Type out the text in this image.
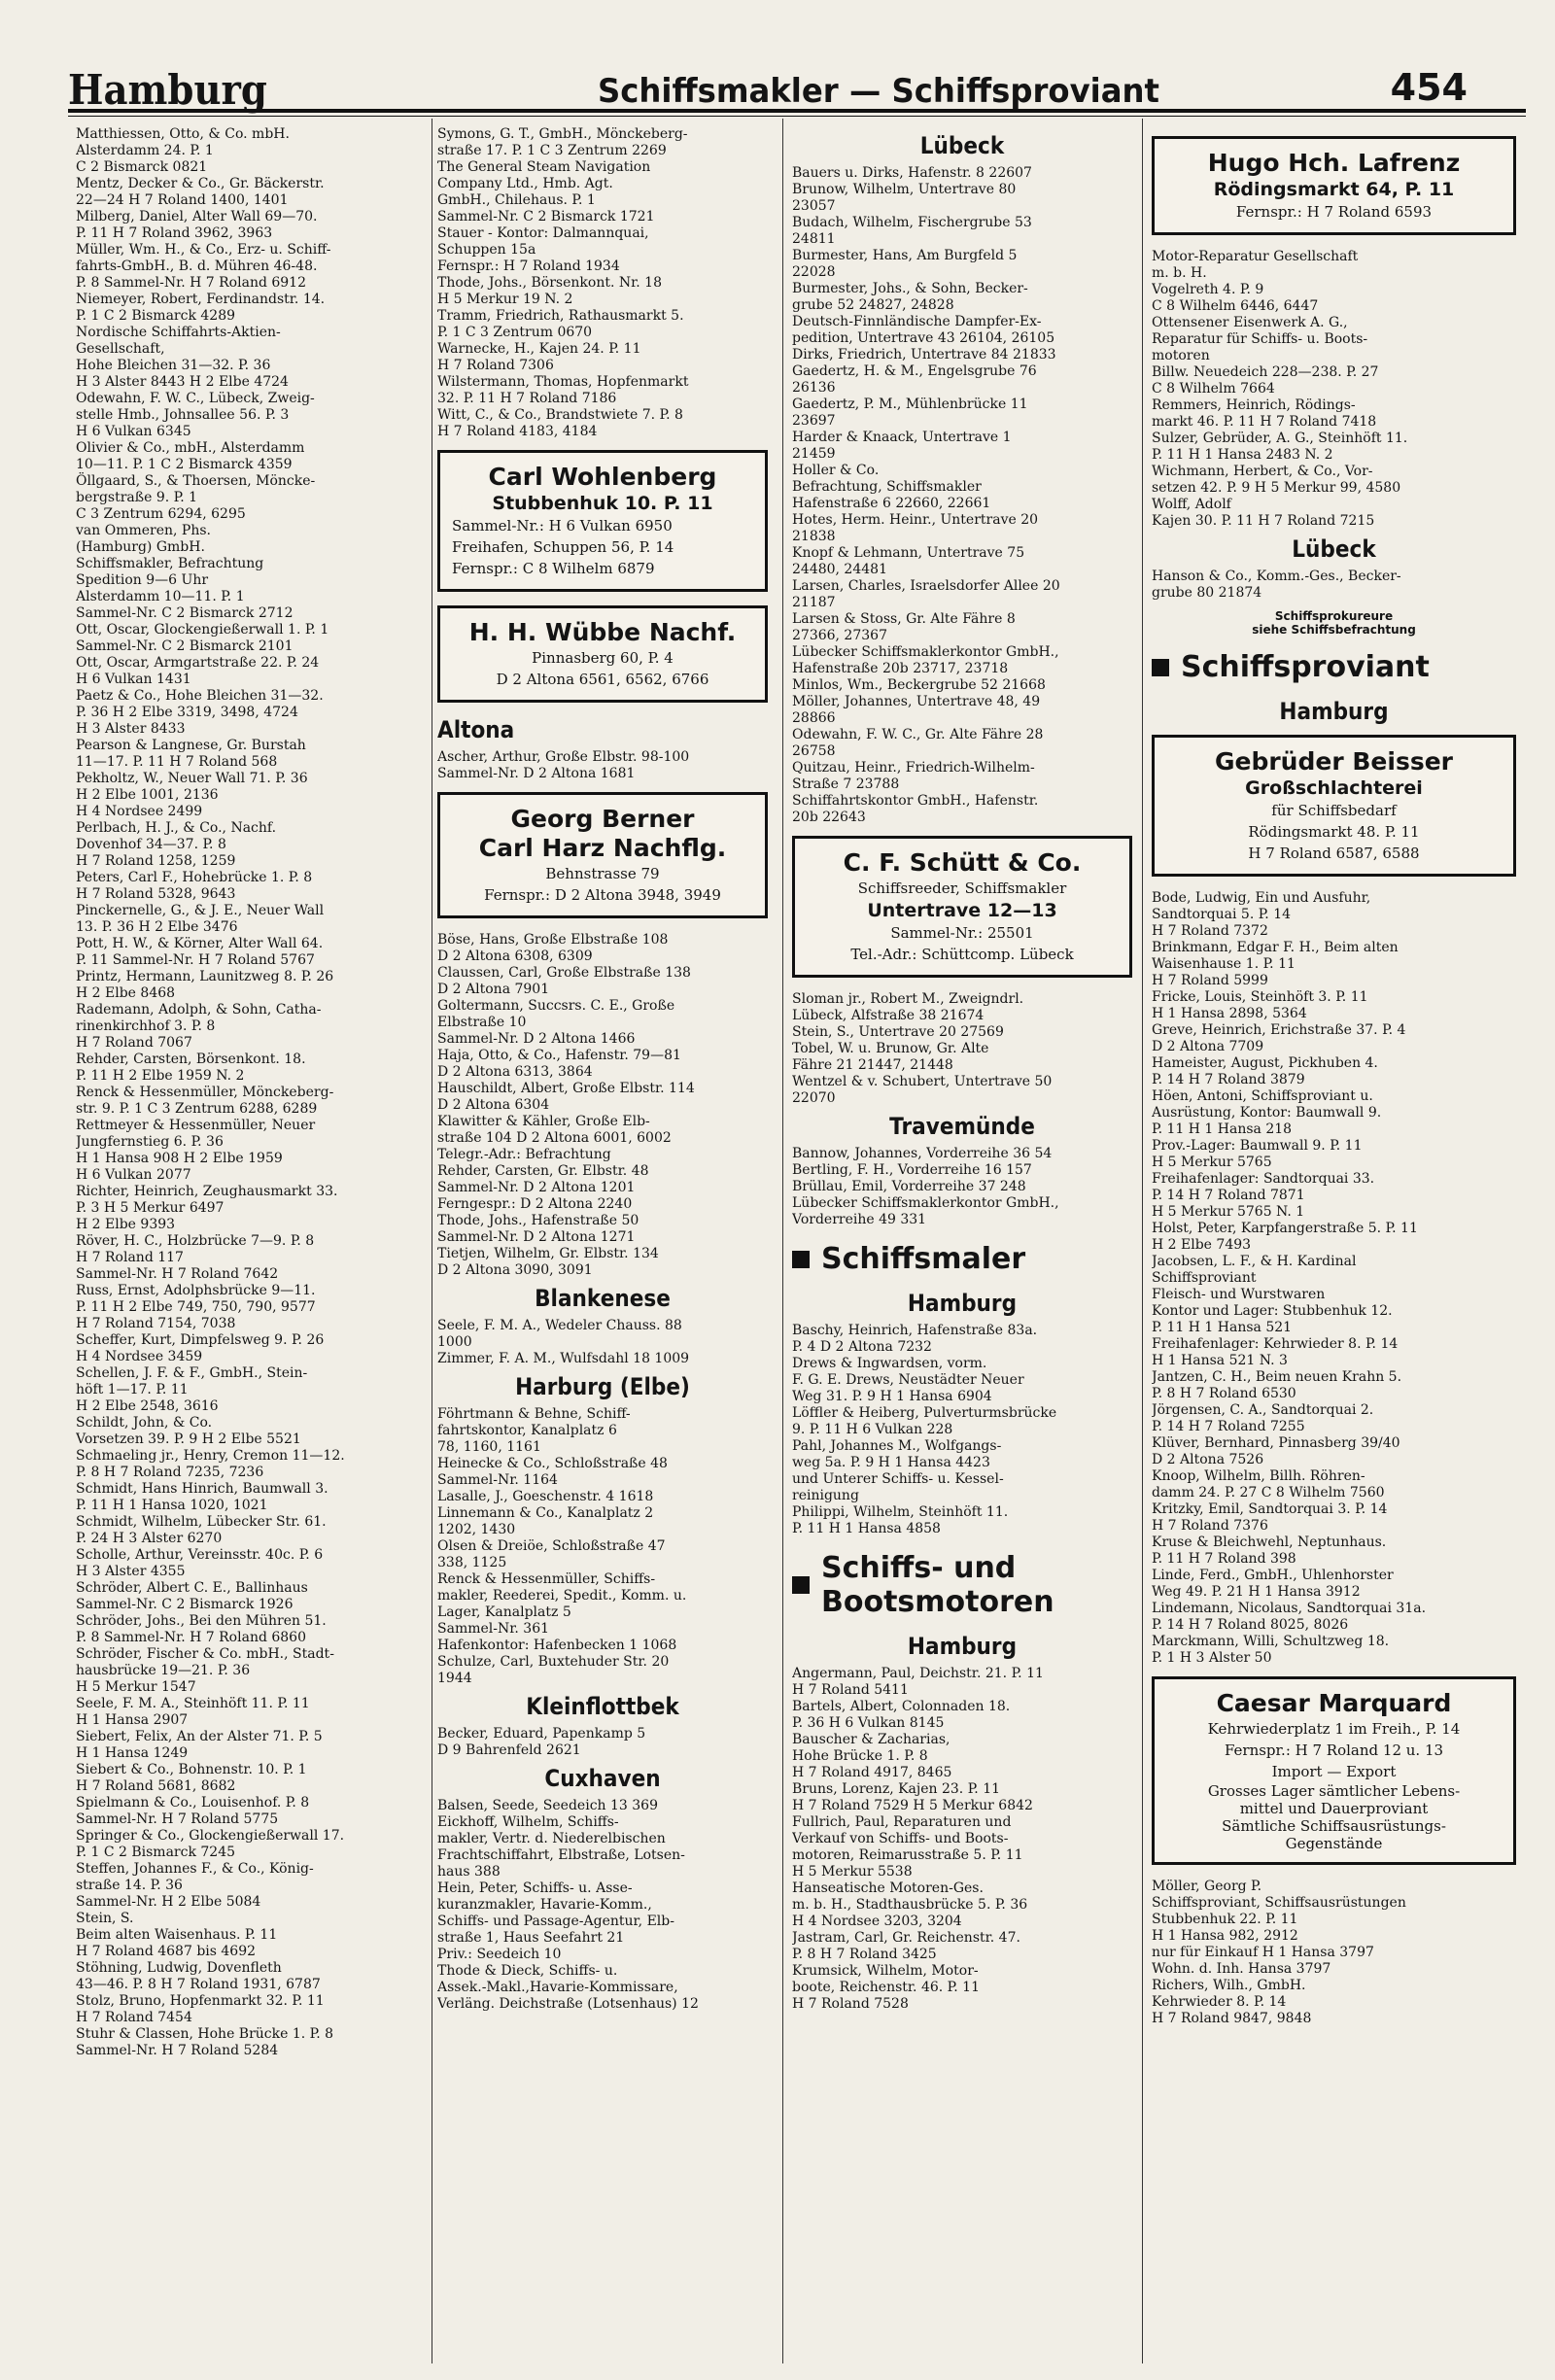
Hamburg	Schiffsmakler — Schiffsproviant	454
Matthiessen, Otto, & Co. mbH.
Alsterdamm 24. P. 1
C 2 Bismarck 0821
Mentz, Decker & Co., Gr. Bäckerstr.
22—24 H 7 Roland 1400, 1401
Milberg, Daniel, Alter Wall 69—70.
P. 11 H 7 Roland 3962, 3963
Müller, Wm. H., & Co., Erz- u. Schiff-
fahrts-GmbH., B. d. Mühren 46-48.
P. 8 Sammel-Nr. H 7 Roland 6912
Niemeyer, Robert, Ferdinandstr. 14.
P. 1 C 2 Bismarck 4289
Nordische Schiffahrts-Aktien-
Gesellschaft,
Hohe Bleichen 31—32. P. 36
H 3 Alster 8443 H 2 Elbe 4724
Odewahn, F. W. C., Lübeck, Zweig-
stelle Hmb., Johnsallee 56. P. 3
H 6 Vulkan 6345
Olivier & Co., mbH., Alsterdamm
10—11. P. 1 C 2 Bismarck 4359
Öllgaard, S., & Thoersen, Möncke-
bergstraße 9. P. 1
C 3 Zentrum 6294, 6295
van Ommeren, Phs.
(Hamburg) GmbH.
Schiffsmakler, Befrachtung
Spedition 9—6 Uhr
Alsterdamm 10—11. P. 1
Sammel-Nr. C 2 Bismarck 2712
Ott, Oscar, Glockengießerwall 1. P. 1
Sammel-Nr. C 2 Bismarck 2101
Ott, Oscar, Armgartstraße 22. P. 24
H 6 Vulkan 1431
Paetz & Co., Hohe Bleichen 31—32.
P. 36 H 2 Elbe 3319, 3498, 4724
H 3 Alster 8433
Pearson & Langnese, Gr. Burstah
11—17. P. 11 H 7 Roland 568
Pekholtz, W., Neuer Wall 71. P. 36
H 2 Elbe 1001, 2136
H 4 Nordsee 2499
Perlbach, H. J., & Co., Nachf.
Dovenhof 34—37. P. 8
H 7 Roland 1258, 1259
Peters, Carl F., Hohebrücke 1. P. 8
H 7 Roland 5328, 9643
Pinckernelle, G., & J. E., Neuer Wall
13. P. 36 H 2 Elbe 3476
Pott, H. W., & Körner, Alter Wall 64.
P. 11 Sammel-Nr. H 7 Roland 5767
Printz, Hermann, Launitzweg 8. P. 26
H 2 Elbe 8468
Rademann, Adolph, & Sohn, Catha-
rinenkirchhof 3. P. 8
H 7 Roland 7067
Rehder, Carsten, Börsenkont. 18.
P. 11 H 2 Elbe 1959 N. 2
Renck & Hessenmüller, Mönckeberg-
str. 9. P. 1 C 3 Zentrum 6288, 6289
Rettmeyer & Hessenmüller, Neuer
Jungfernstieg 6. P. 36
H 1 Hansa 908 H 2 Elbe 1959
H 6 Vulkan 2077
Richter, Heinrich, Zeughausmarkt 33.
P. 3 H 5 Merkur 6497
H 2 Elbe 9393
Röver, H. C., Holzbrücke 7—9. P. 8
H 7 Roland 117
Sammel-Nr. H 7 Roland 7642
Russ, Ernst, Adolphsbrücke 9—11.
P. 11 H 2 Elbe 749, 750, 790, 9577
H 7 Roland 7154, 7038
Scheffer, Kurt, Dimpfelsweg 9. P. 26
H 4 Nordsee 3459
Schellen, J. F. & F., GmbH., Stein-
höft 1—17. P. 11
H 2 Elbe 2548, 3616
Schildt, John, & Co.
Vorsetzen 39. P. 9 H 2 Elbe 5521
Schmaeling jr., Henry, Cremon 11—12.
P. 8 H 7 Roland 7235, 7236
Schmidt, Hans Hinrich, Baumwall 3.
P. 11 H 1 Hansa 1020, 1021
Schmidt, Wilhelm, Lübecker Str. 61.
P. 24 H 3 Alster 6270
Scholle, Arthur, Vereinsstr. 40c. P. 6
H 3 Alster 4355
Schröder, Albert C. E., Ballinhaus
Sammel-Nr. C 2 Bismarck 1926
Schröder, Johs., Bei den Mühren 51.
P. 8 Sammel-Nr. H 7 Roland 6860
Schröder, Fischer & Co. mbH., Stadt-
hausbrücke 19—21. P. 36
H 5 Merkur 1547
Seele, F. M. A., Steinhöft 11. P. 11
H 1 Hansa 2907
Siebert, Felix, An der Alster 71. P. 5
H 1 Hansa 1249
Siebert & Co., Bohnenstr. 10. P. 1
H 7 Roland 5681, 8682
Spielmann & Co., Louisenhof. P. 8
Sammel-Nr. H 7 Roland 5775
Springer & Co., Glockengießerwall 17.
P. 1 C 2 Bismarck 7245
Steffen, Johannes F., & Co., König-
straße 14. P. 36
Sammel-Nr. H 2 Elbe 5084
Stein, S.
Beim alten Waisenhaus. P. 11
H 7 Roland 4687 bis 4692
Stöhning, Ludwig, Dovenfleth
43—46. P. 8 H 7 Roland 1931, 6787
Stolz, Bruno, Hopfenmarkt 32. P. 11
H 7 Roland 7454
Stuhr & Classen, Hohe Brücke 1. P. 8
Sammel-Nr. H 7 Roland 5284
Symons, G. T., GmbH., Mönckeberg-
straße 17. P. 1 C 3 Zentrum 2269
The General Steam Navigation
Company Ltd., Hmb. Agt.
GmbH., Chilehaus. P. 1
Sammel-Nr. C 2 Bismarck 1721
Stauer - Kontor: Dalmannquai,
Schuppen 15a
Fernspr.: H 7 Roland 1934
Thode, Johs., Börsenkont. Nr. 18
H 5 Merkur 19 N. 2
Tramm, Friedrich, Rathausmarkt 5.
P. 1 C 3 Zentrum 0670
Warnecke, H., Kajen 24. P. 11
H 7 Roland 7306
Wilstermann, Thomas, Hopfenmarkt
32. P. 11 H 7 Roland 7186
Witt, C., & Co., Brandstwiete 7. P. 8
H 7 Roland 4183, 4184
Carl Wohlenberg
Stubbenhuk 10. P. 11
Sammel-Nr.: H 6 Vulkan 6950
Freihafen, Schuppen 56, P. 14
Fernspr.: C 8 Wilhelm 6879
H. H. Wübbe Nachf.
Pinnasberg 60, P. 4
D 2 Altona 6561, 6562, 6766
Altona
Ascher, Arthur, Große Elbstr. 98-100
Sammel-Nr. D 2 Altona 1681
Georg Berner
Carl Harz Nachflg.
Behnstrasse 79
Fernspr.: D 2 Altona 3948, 3949
Böse, Hans, Große Elbstraße 108
D 2 Altona 6308, 6309
Claussen, Carl, Große Elbstraße 138
D 2 Altona 7901
Goltermann, Succsrs. C. E., Große
Elbstraße 10
Sammel-Nr. D 2 Altona 1466
Haja, Otto, & Co., Hafenstr. 79—81
D 2 Altona 6313, 3864
Hauschildt, Albert, Große Elbstr. 114
D 2 Altona 6304
Klawitter & Kähler, Große Elb-
straße 104 D 2 Altona 6001, 6002
Telegr.-Adr.: Befrachtung
Rehder, Carsten, Gr. Elbstr. 48
Sammel-Nr. D 2 Altona 1201
Ferngespr.: D 2 Altona 2240
Thode, Johs., Hafenstraße 50
Sammel-Nr. D 2 Altona 1271
Tietjen, Wilhelm, Gr. Elbstr. 134
D 2 Altona 3090, 3091
Blankenese
Seele, F. M. A., Wedeler Chauss. 88
1000
Zimmer, F. A. M., Wulfsdahl 18 1009
Harburg (Elbe)
Föhrtmann & Behne, Schiff-
fahrtskontor, Kanalplatz 6
78, 1160, 1161
Heinecke & Co., Schloßstraße 48
Sammel-Nr. 1164
Lasalle, J., Goeschenstr. 4 1618
Linnemann & Co., Kanalplatz 2
1202, 1430
Olsen & Dreiöe, Schloßstraße 47
338, 1125
Renck & Hessenmüller, Schiffs-
makler, Reederei, Spedit., Komm. u.
Lager, Kanalplatz 5
Sammel-Nr. 361
Hafenkontor: Hafenbecken 1 1068
Schulze, Carl, Buxtehuder Str. 20
1944
Kleinflottbek
Becker, Eduard, Papenkamp 5
D 9 Bahrenfeld 2621
Cuxhaven
Balsen, Seede, Seedeich 13 369
Eickhoff, Wilhelm, Schiffs-
makler, Vertr. d. Niederelbischen
Frachtschiffahrt, Elbstraße, Lotsen-
haus 388
Hein, Peter, Schiffs- u. Asse-
kuranzmakler, Havarie-Komm.,
Schiffs- und Passage-Agentur, Elb-
straße 1, Haus Seefahrt 21
Priv.: Seedeich 10
Thode & Dieck, Schiffs- u.
Assek.-Makl.,Havarie-Kommissare,
Verläng. Deichstraße (Lotsenhaus) 12
Lübeck
Bauers u. Dirks, Hafenstr. 8 22607
Brunow, Wilhelm, Untertrave 80
23057
Budach, Wilhelm, Fischergrube 53
24811
Burmester, Hans, Am Burgfeld 5
22028
Burmester, Johs., & Sohn, Becker-
grube 52 24827, 24828
Deutsch-Finnländische Dampfer-Ex-
pedition, Untertrave 43 26104, 26105
Dirks, Friedrich, Untertrave 84 21833
Gaedertz, H. & M., Engelsgrube 76
26136
Gaedertz, P. M., Mühlenbrücke 11
23697
Harder & Knaack, Untertrave 1
21459
Holler & Co.
Befrachtung, Schiffsmakler
Hafenstraße 6 22660, 22661
Hotes, Herm. Heinr., Untertrave 20
21838
Knopf & Lehmann, Untertrave 75
24480, 24481
Larsen, Charles, Israelsdorfer Allee 20
21187
Larsen & Stoss, Gr. Alte Fähre 8
27366, 27367
Lübecker Schiffsmaklerkontor GmbH.,
Hafenstraße 20b 23717, 23718
Minlos, Wm., Beckergrube 52 21668
Möller, Johannes, Untertrave 48, 49
28866
Odewahn, F. W. C., Gr. Alte Fähre 28
26758
Quitzau, Heinr., Friedrich-Wilhelm-
Straße 7 23788
Schiffahrtskontor GmbH., Hafenstr.
20b 22643
C. F. Schütt & Co.
Schiffsreeder, Schiffsmakler
Untertrave 12—13
Sammel-Nr.: 25501
Tel.-Adr.: Schüttcomp. Lübeck
Sloman jr., Robert M., Zweigndrl.
Lübeck, Alfstraße 38 21674
Stein, S., Untertrave 20 27569
Tobel, W. u. Brunow, Gr. Alte
Fähre 21 21447, 21448
Wentzel & v. Schubert, Untertrave 50
22070
Travemünde
Bannow, Johannes, Vorderreihe 36 54
Bertling, F. H., Vorderreihe 16 157
Brüllau, Emil, Vorderreihe 37 248
Lübecker Schiffsmaklerkontor GmbH.,
Vorderreihe 49 331
Schiffsmaler
Hamburg
Baschy, Heinrich, Hafenstraße 83a.
P. 4 D 2 Altona 7232
Drews & Ingwardsen, vorm.
F. G. E. Drews, Neustädter Neuer
Weg 31. P. 9 H 1 Hansa 6904
Löffler & Heiberg, Pulverturmsbrücke
9. P. 11 H 6 Vulkan 228
Pahl, Johannes M., Wolfgangs-
weg 5a. P. 9 H 1 Hansa 4423
und Unterer Schiffs- u. Kessel-
reinigung
Philippi, Wilhelm, Steinhöft 11.
P. 11 H 1 Hansa 4858
Schiffs- und Bootsmotoren
Hamburg
Angermann, Paul, Deichstr. 21. P. 11
H 7 Roland 5411
Bartels, Albert, Colonnaden 18.
P. 36 H 6 Vulkan 8145
Bauscher & Zacharias,
Hohe Brücke 1. P. 8
H 7 Roland 4917, 8465
Bruns, Lorenz, Kajen 23. P. 11
H 7 Roland 7529 H 5 Merkur 6842
Fullrich, Paul, Reparaturen und
Verkauf von Schiffs- und Boots-
motoren, Reimarusstraße 5. P. 11
H 5 Merkur 5538
Hanseatische Motoren-Ges.
m. b. H., Stadthausbrücke 5. P. 36
H 4 Nordsee 3203, 3204
Jastram, Carl, Gr. Reichenstr. 47.
P. 8 H 7 Roland 3425
Krumsick, Wilhelm, Motor-
boote, Reichenstr. 46. P. 11
H 7 Roland 7528
Hugo Hch. Lafrenz
Rödingsmarkt 64, P. 11
Fernspr.: H 7 Roland 6593
Motor-Reparatur Gesellschaft
m. b. H.
Vogelreth 4. P. 9
C 8 Wilhelm 6446, 6447
Ottensener Eisenwerk A. G.,
Reparatur für Schiffs- u. Boots-
motoren
Billw. Neuedeich 228—238. P. 27
C 8 Wilhelm 7664
Remmers, Heinrich, Rödings-
markt 46. P. 11 H 7 Roland 7418
Sulzer, Gebrüder, A. G., Steinhöft 11.
P. 11 H 1 Hansa 2483 N. 2
Wichmann, Herbert, & Co., Vor-
setzen 42. P. 9 H 5 Merkur 99, 4580
Wolff, Adolf
Kajen 30. P. 11 H 7 Roland 7215
Lübeck
Hanson & Co., Komm.-Ges., Becker-
grube 80 21874
Schiffsprokureure
siehe Schiffsbefrachtung
Schiffsproviant
Hamburg
Gebrüder Beisser
Großschlachterei
für Schiffsbedarf
Rödingsmarkt 48. P. 11
H 7 Roland 6587, 6588
Bode, Ludwig, Ein und Ausfuhr,
Sandtorquai 5. P. 14
H 7 Roland 7372
Brinkmann, Edgar F. H., Beim alten
Waisenhause 1. P. 11
H 7 Roland 5999
Fricke, Louis, Steinhöft 3. P. 11
H 1 Hansa 2898, 5364
Greve, Heinrich, Erichstraße 37. P. 4
D 2 Altona 7709
Hameister, August, Pickhuben 4.
P. 14 H 7 Roland 3879
Höen, Antoni, Schiffsproviant u.
Ausrüstung, Kontor: Baumwall 9.
P. 11 H 1 Hansa 218
Prov.-Lager: Baumwall 9. P. 11
H 5 Merkur 5765
Freihafenlager: Sandtorquai 33.
P. 14 H 7 Roland 7871
H 5 Merkur 5765 N. 1
Holst, Peter, Karpfangerstraße 5. P. 11
H 2 Elbe 7493
Jacobsen, L. F., & H. Kardinal
Schiffsproviant
Fleisch- und Wurstwaren
Kontor und Lager: Stubbenhuk 12.
P. 11 H 1 Hansa 521
Freihafenlager: Kehrwieder 8. P. 14
H 1 Hansa 521 N. 3
Jantzen, C. H., Beim neuen Krahn 5.
P. 8 H 7 Roland 6530
Jörgensen, C. A., Sandtorquai 2.
P. 14 H 7 Roland 7255
Klüver, Bernhard, Pinnasberg 39/40
D 2 Altona 7526
Knoop, Wilhelm, Billh. Röhren-
damm 24. P. 27 C 8 Wilhelm 7560
Kritzky, Emil, Sandtorquai 3. P. 14
H 7 Roland 7376
Kruse & Bleichwehl, Neptunhaus.
P. 11 H 7 Roland 398
Linde, Ferd., GmbH., Uhlenhorster
Weg 49. P. 21 H 1 Hansa 3912
Lindemann, Nicolaus, Sandtorquai 31a.
P. 14 H 7 Roland 8025, 8026
Marckmann, Willi, Schultzweg 18.
P. 1 H 3 Alster 50
Caesar Marquard
Kehrwiederplatz 1 im Freih., P. 14
Fernspr.: H 7 Roland 12 u. 13
Import — Export
Grosses Lager sämtlicher Lebens-
mittel und Dauerproviant
Sämtliche Schiffsausrüstungs-
Gegenstände
Möller, Georg P.
Schiffsproviant, Schiffsausrüstungen
Stubbenhuk 22. P. 11
H 1 Hansa 982, 2912
nur für Einkauf H 1 Hansa 3797
Wohn. d. Inh. Hansa 3797
Richers, Wilh., GmbH.
Kehrwieder 8. P. 14
H 7 Roland 9847, 9848
